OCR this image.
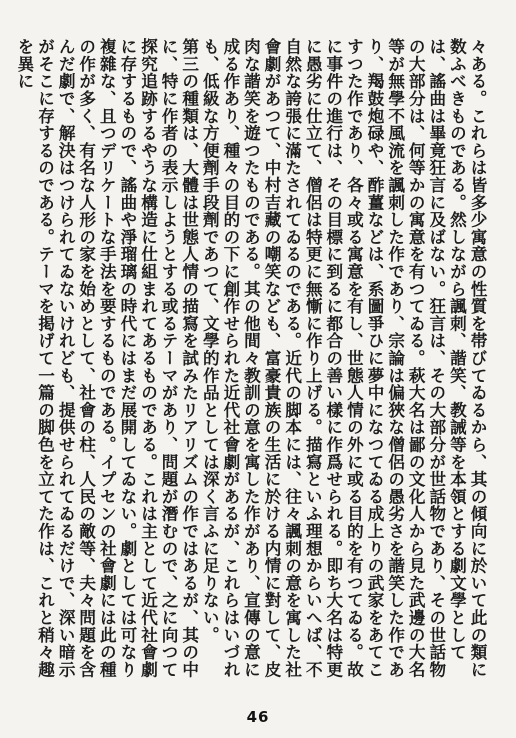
々ある。これらは皆多少寓意の性質を帯びてゐるから、其の傾向に於いて此の類に数ふべきものである。然しながら諷刺、諧笑、教誡等を本領とする劇文學としては、謠曲は畢竟狂言に及ばない。狂言は、その大部分が世話物であり、その世話物の大部分は、何等かの寓意を有つてゐる。萩大名は鄙の文化人から見た武邊の大名等が無學不風流を諷刺した作であり、宗論は偏狹な僧侶の愚劣さを諧笑した作であり、羯鼓炮碌や、酢薑などは、系圖爭ひに夢中になつてゐる成上りの武家をあてこすつた作であり、各々或る寓意を有し、世態人情の外に或る目的を有つてゐる。故に事件の進行は、その目標に到るに都合の善い樣に作爲せられる。即ち大名は特更に愚劣に仕立て、僧侶は特更に無慚に作り上げる。描寫といふ理想からいへば、不自然な誇張に滿たされてゐるのである。近代の脚本には、往々諷刺の意を寓した社會劇があつて、中村吉藏の嘲笑なども、富豪貴族の生活に於ける内情に對して、皮肉な諧笑を遊つたものである。其の他間々教訓の意を寓した作があり、宣傳の意に成る作あり、種々の目的の下に創作せられた近代社會劇があるが、これらはいづれも、低級な方便劑手段劑であつて、文學的作品としては深く言ふに足りない。
第三の種類は、大體は世態人情の描寫を試みたリアリズムの作ではあるが、其の中に、特に作者の表示しようとする或るテーマがあり、問題が潛むので、之に向つて探究追跡するやうな構造に仕組まれてあるものである。これは主として近代社會劇に存するもので、謠曲や淨瑠璃の時代にはまだ展開してゐない。劇としては可なり複雜な、且つデリケートな手法を要するものである。イプセンの社會劇には此の種の作が多く、有名な人形の家を始めとして、社會の柱、人民の敵等、夫々問題を含んだ劇で、解決はつけられてゐないけれども、提供せられてゐるだけで、深い暗示がそこに存するのである。テーマを掲げて一篇の脚色を立てた作は、これと稍々趣を異に
46
